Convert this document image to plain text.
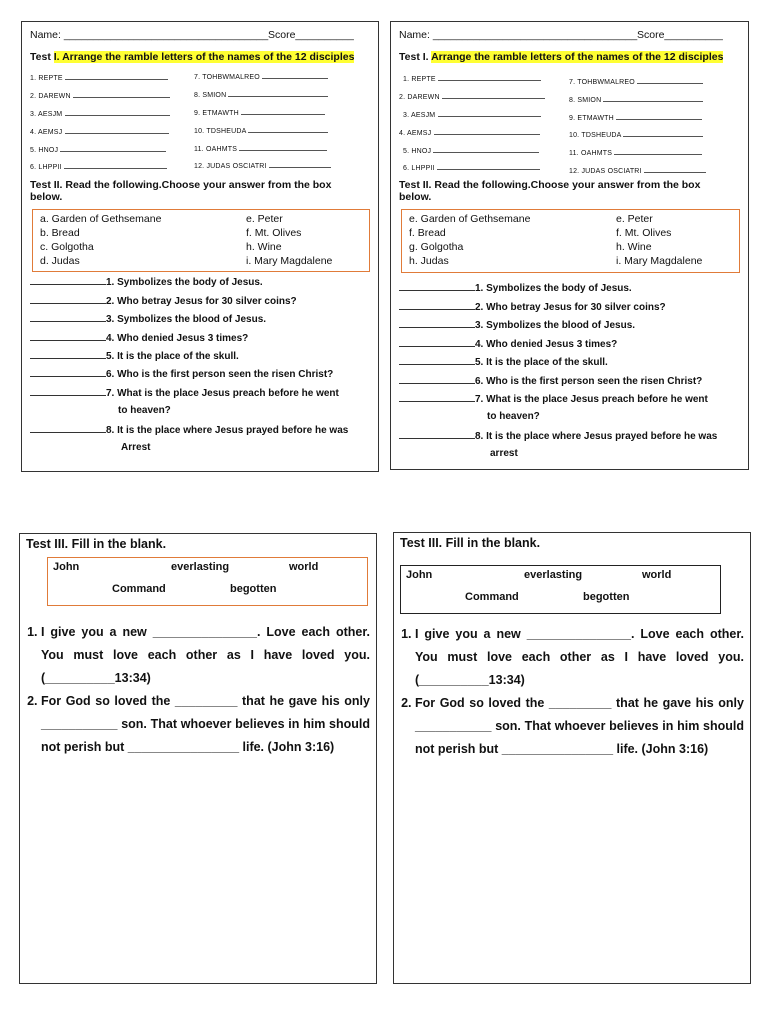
Name: ___________________________________ Score__________
Test I. Arrange the ramble letters of the names of the 12 disciples
1. REPTE
2. DAREWN
3. AESJM
4. AEMSJ
5. HNOJ
6. LHPPII
7. TOHBWMALREO
8. SMION
9. ETMAWTH
10. TDSHEUDA
11. OAHMTS
12. JUDAS OSCIATRI
Test II. Read the following.Choose your answer from the box below.
a. Garden of Gethsemane
b. Bread
c. Golgotha
d. Judas
e. Peter
f. Mt. Olives
h. Wine
i. Mary Magdalene
1. Symbolizes the body of Jesus.
2. Who betray Jesus for 30 silver coins?
3. Symbolizes the blood of Jesus.
4. Who denied Jesus 3 times?
5. It is the place of the skull.
6. Who is the first person seen the risen Christ?
7. What is the place Jesus preach before he went
to heaven?
8. It is the place where Jesus prayed before he was
Arrest
Name: ___________________________________ Score__________
Test I. Arrange the ramble letters of the names of the 12 disciples
1. REPTE
2. DAREWN
3. AESJM
4. AEMSJ
5. HNOJ
6. LHPPII
7. TOHBWMALREO
8. SMION
9. ETMAWTH
10. TDSHEUDA
11. OAHMTS
12. JUDAS OSCIATRI
Test II. Read the following.Choose your answer from the box below.
e. Garden of Gethsemane
f. Bread
g. Golgotha
h. Judas
e. Peter
f. Mt. Olives
h. Wine
i. Mary Magdalene
1. Symbolizes the body of Jesus.
2. Who betray Jesus for 30 silver coins?
3. Symbolizes the blood of Jesus.
4. Who denied Jesus 3 times?
5. It is the place of the skull.
6. Who is the first person seen the risen Christ?
7. What is the place Jesus preach before he went
to heaven?
8. It is the place where Jesus prayed before he was
arrest
Test III. Fill in the blank.
John	everlasting	world
Command	begotten
1. I give you a new _______________. Love each other. You must love each other as I have loved you. (__________13:34)
2. For God so loved the _________ that he gave his only ___________ son. That whoever believes in him should not perish but ________________ life. (John 3:16)
Test III. Fill in the blank.
John	everlasting	world
Command	begotten
1. I give you a new _______________. Love each other. You must love each other as I have loved you. (__________13:34)
2. For God so loved the _________ that he gave his only ___________ son. That whoever believes in him should not perish but ________________ life. (John 3:16)
